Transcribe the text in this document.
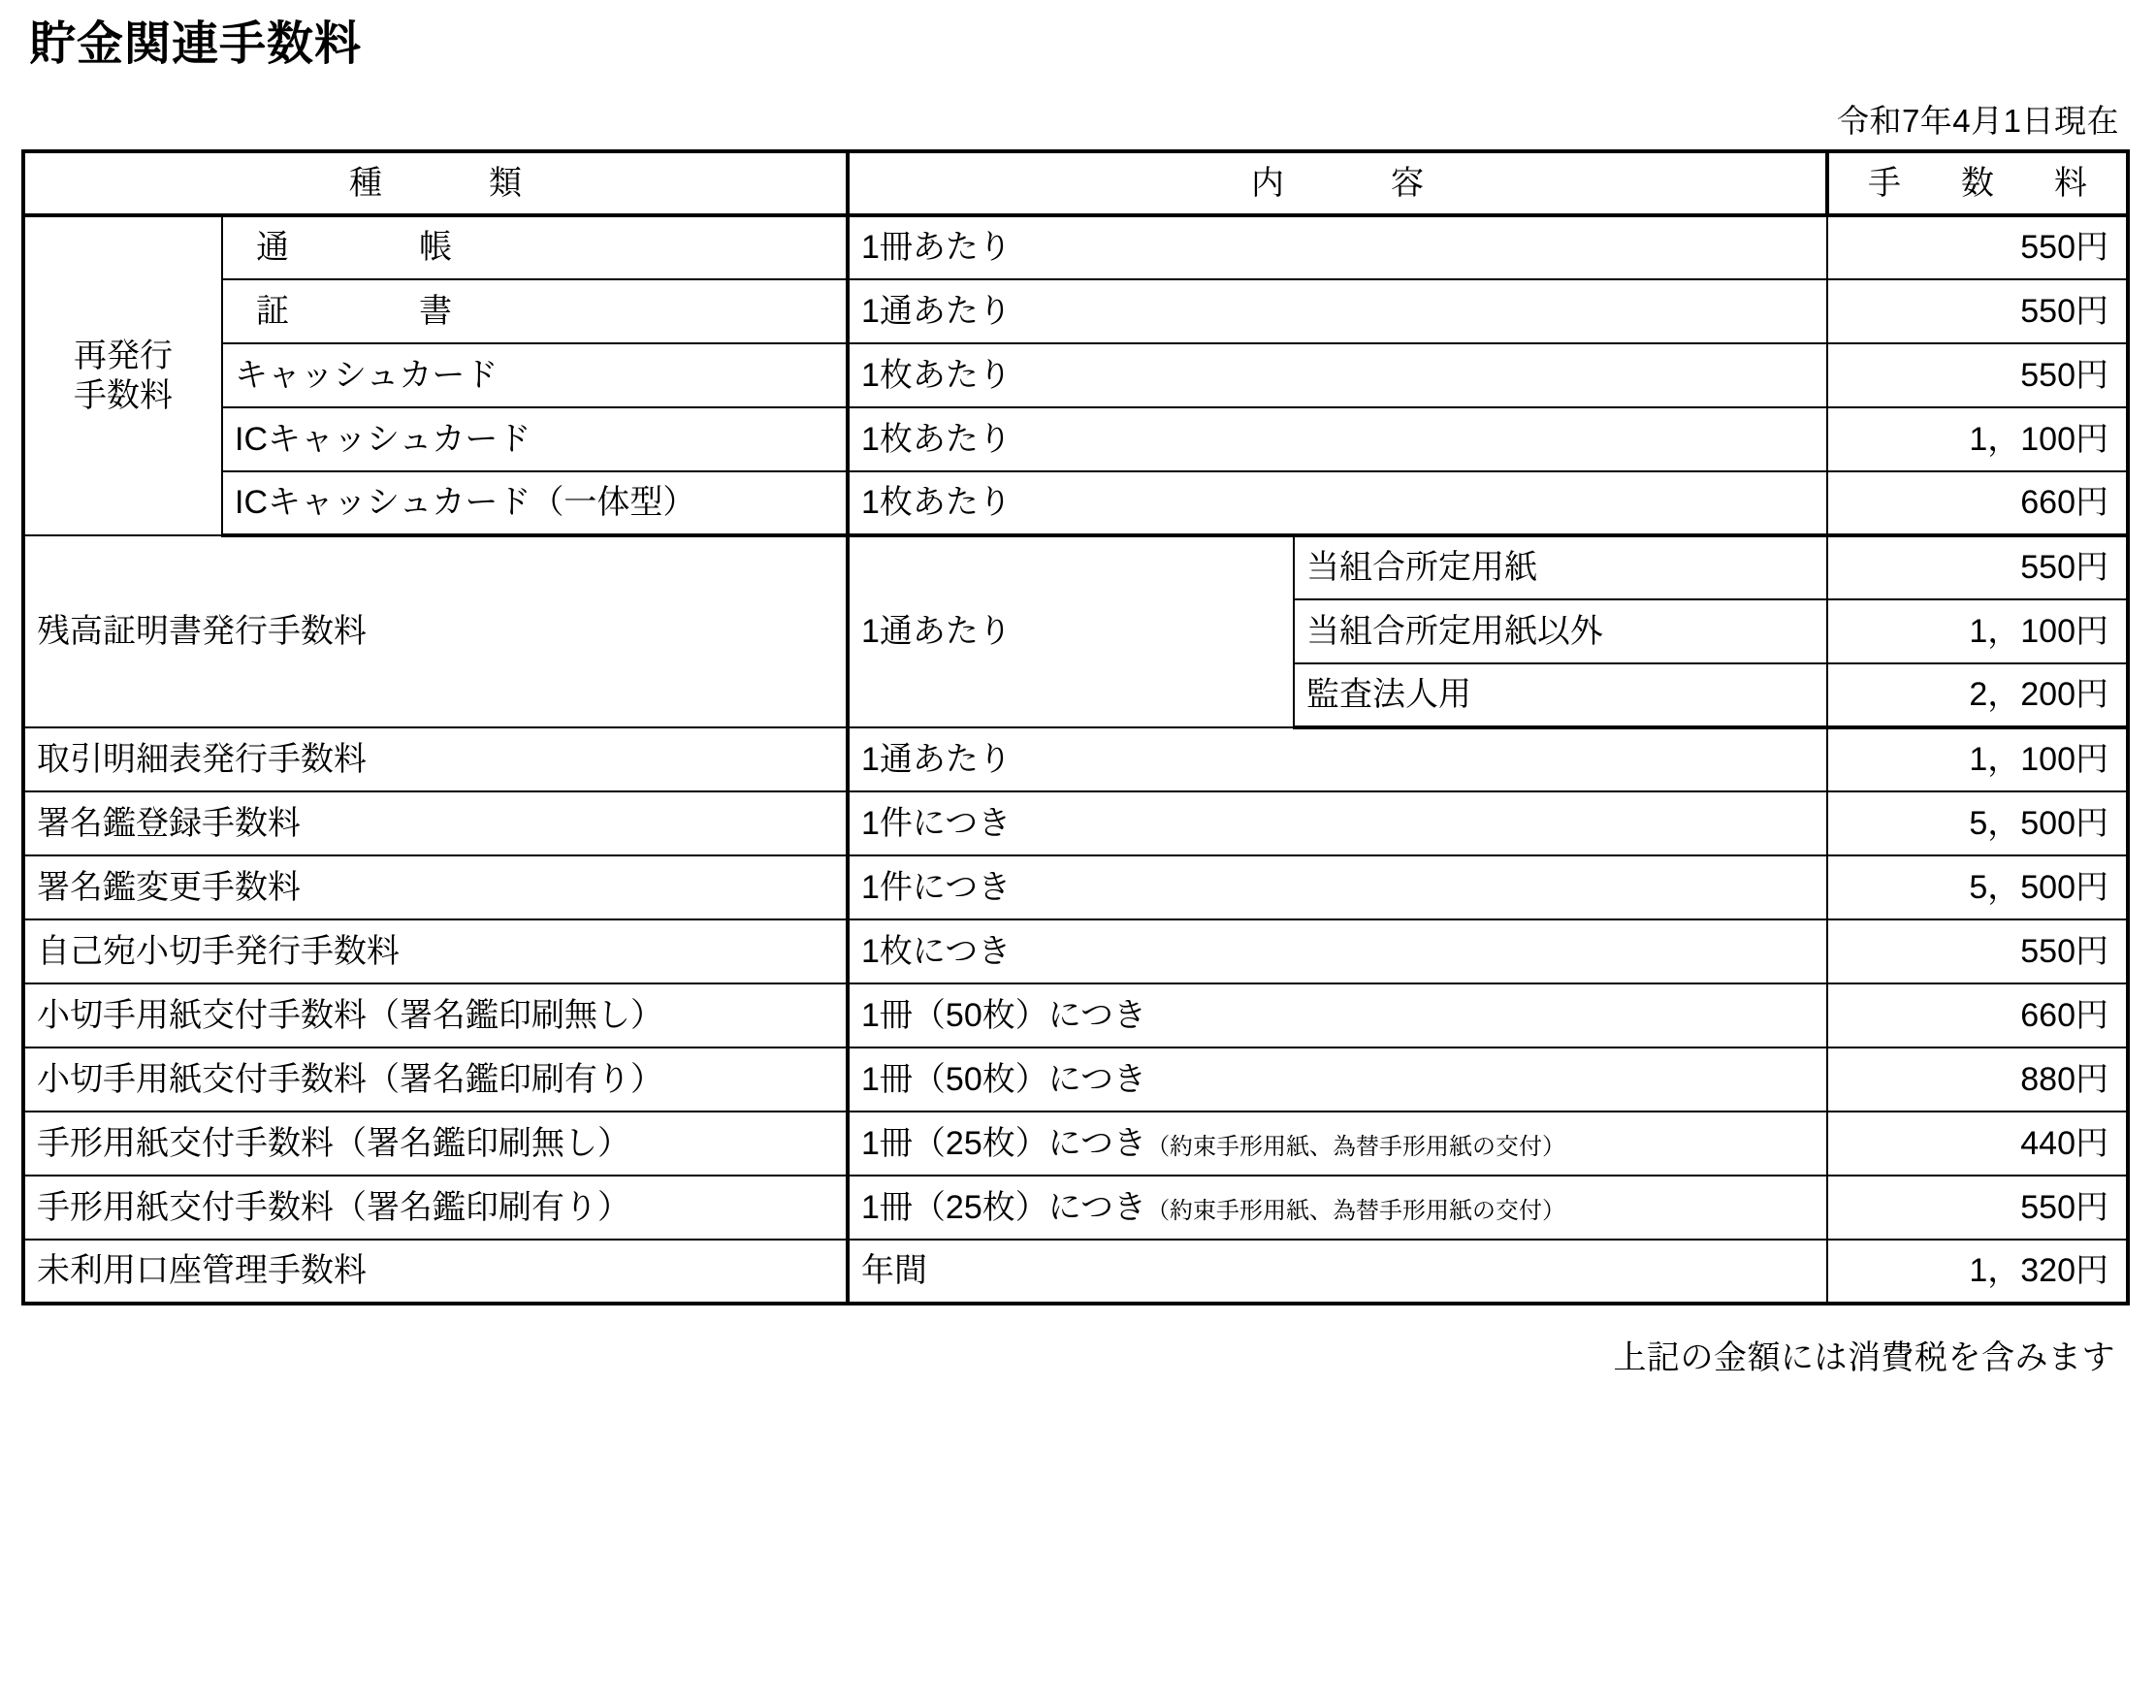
貯金関連手数料
令和7年4月1日現在
種　　類		内　　容		手　数　料
再発行
手数料	通　　帳	1冊あたり		550円
	証　　書	1通あたり		550円
	キャッシュカード	1枚あたり		550円
	ICキャッシュカード	1枚あたり		1，100円
	ICキャッシュカード（一体型）	1枚あたり		660円
残高証明書発行手数料		1通あたり	当組合所定用紙	550円
			当組合所定用紙以外	1，100円
			監査法人用	2，200円
取引明細表発行手数料		1通あたり		1，100円
署名鑑登録手数料		1件につき		5，500円
署名鑑変更手数料		1件につき		5，500円
自己宛小切手発行手数料		1枚につき		550円
小切手用紙交付手数料（署名鑑印刷無し）		1冊（50枚）につき		660円
小切手用紙交付手数料（署名鑑印刷有り）		1冊（50枚）につき		880円
手形用紙交付手数料（署名鑑印刷無し）		1冊（25枚）につき（約束手形用紙、為替手形用紙の交付）		440円
手形用紙交付手数料（署名鑑印刷有り）		1冊（25枚）につき（約束手形用紙、為替手形用紙の交付）		550円
未利用口座管理手数料		年間		1，320円
上記の金額には消費税を含みます
